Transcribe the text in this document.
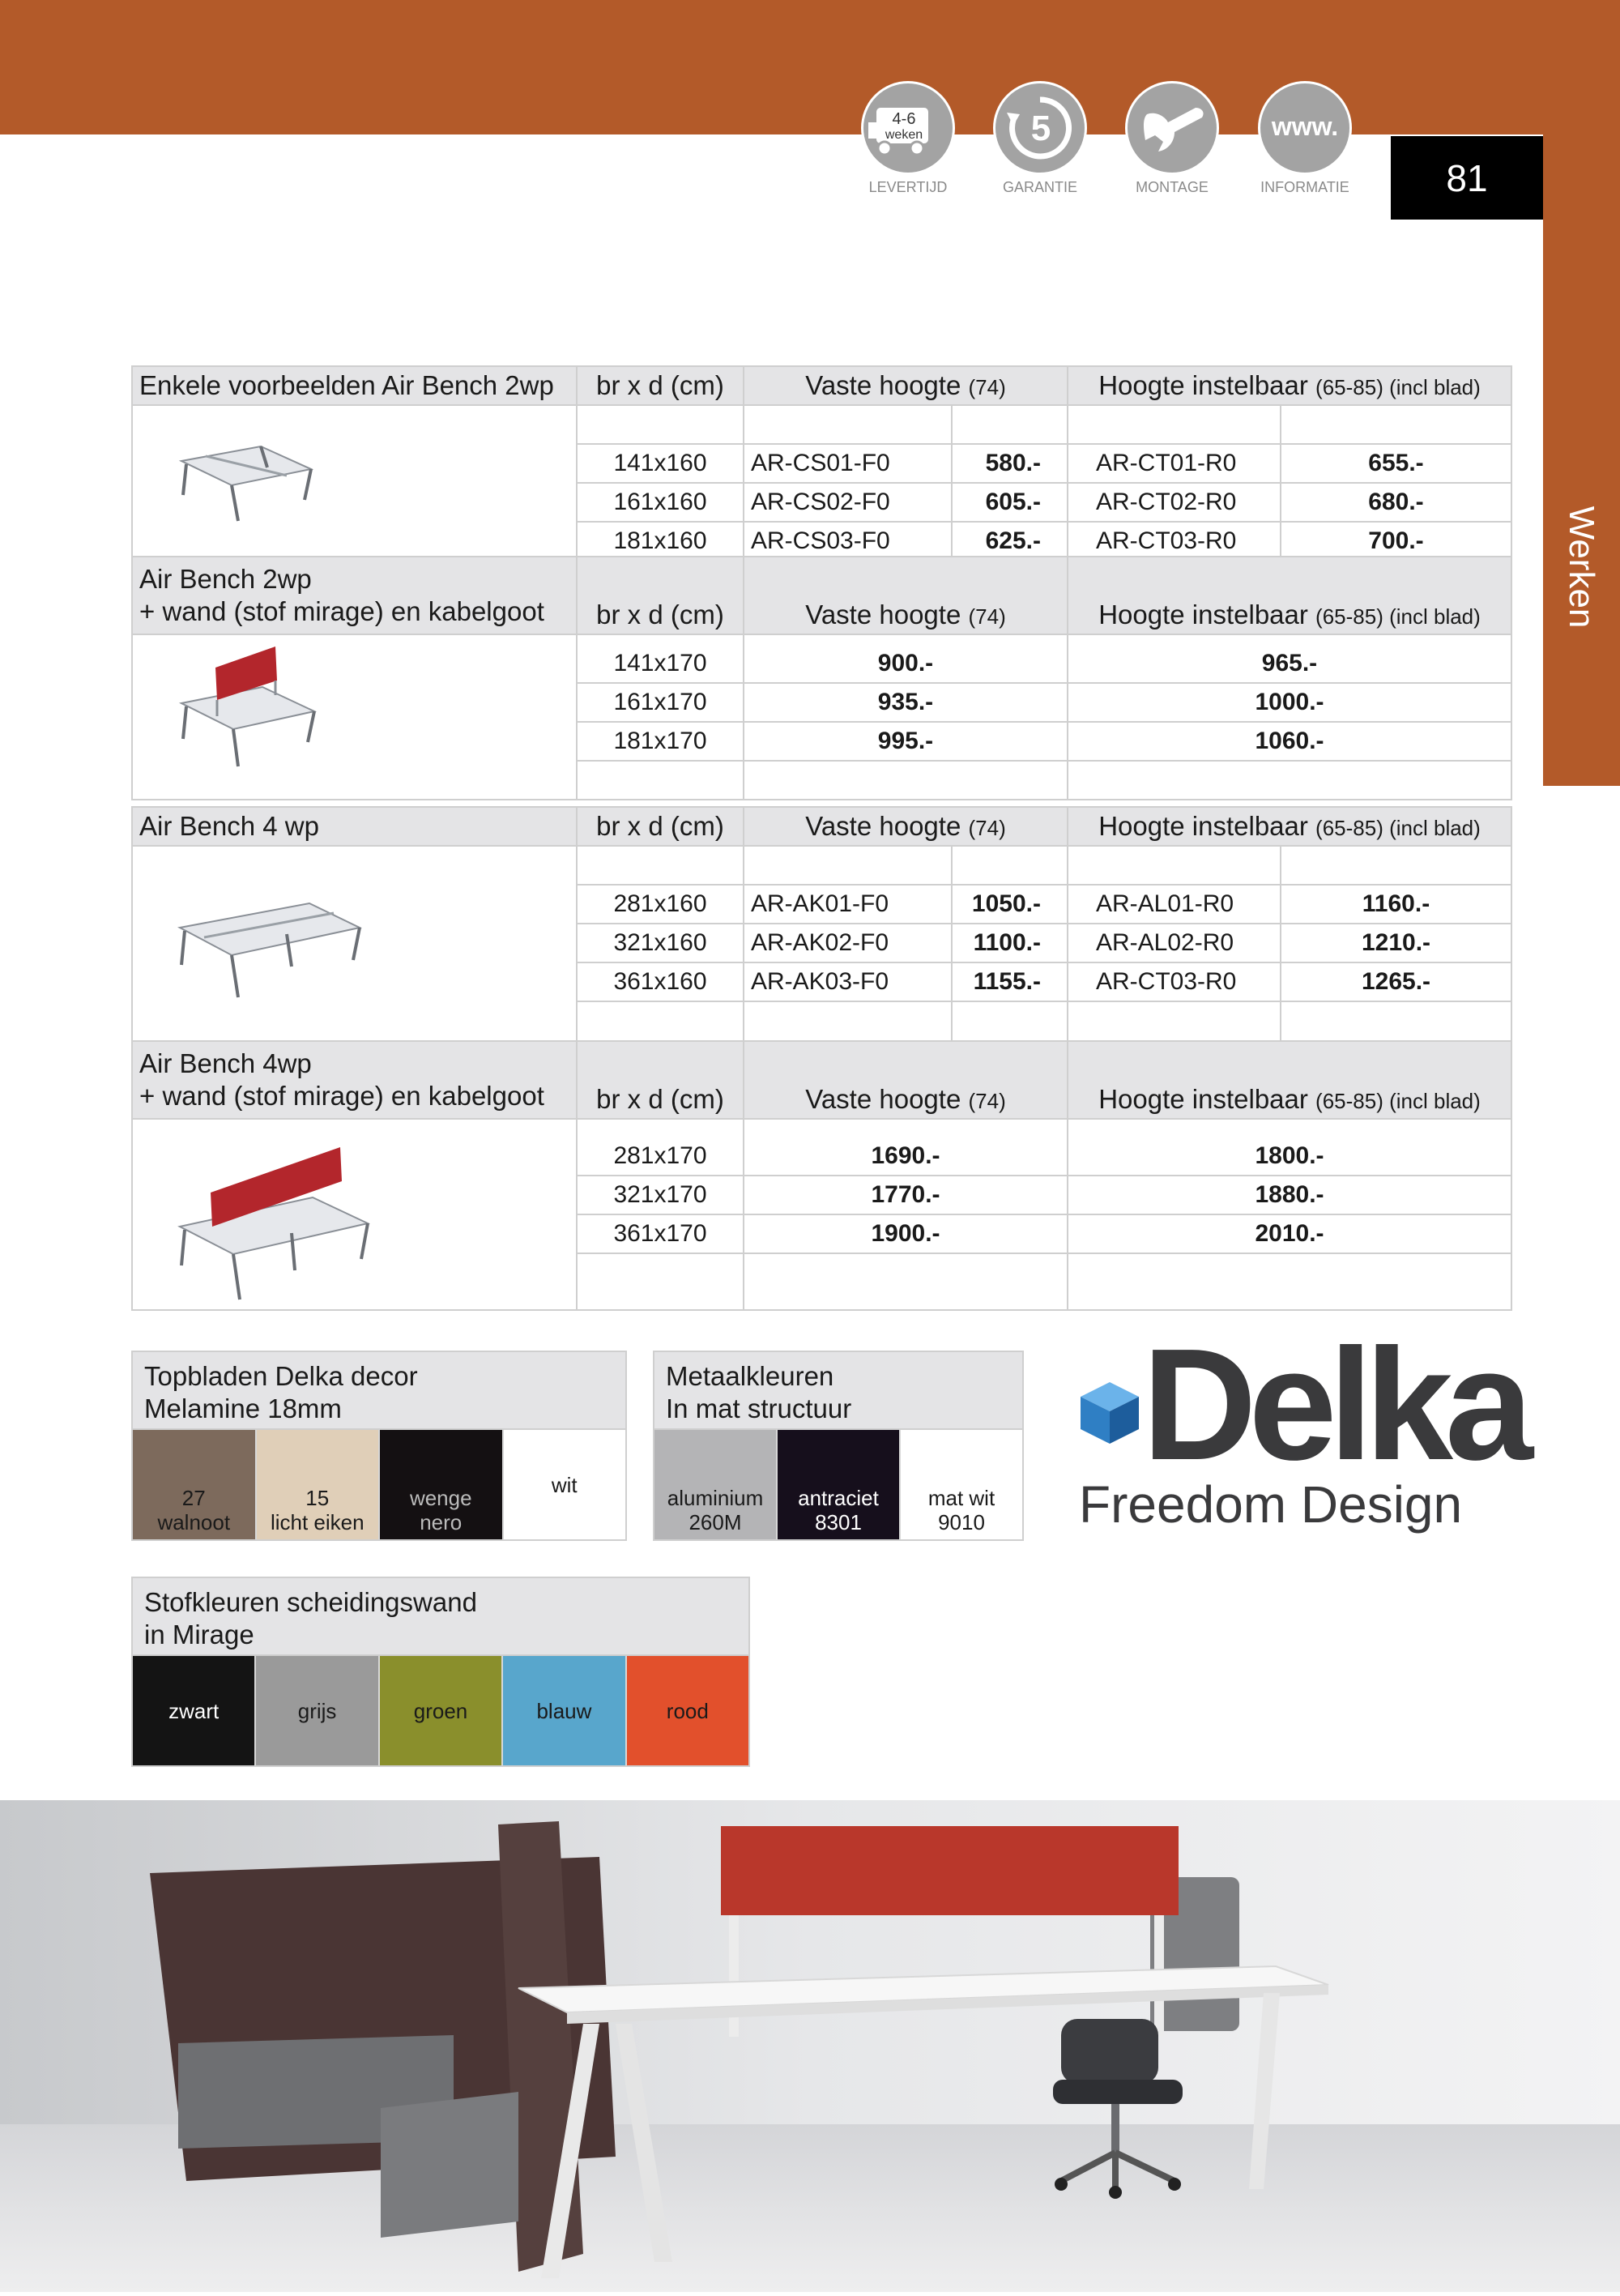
Werken
81
4-6
weken	5	www.
LEVERTIJD	GARANTIE	MONTAGE	INFORMATIE
Enkele voorbeelden Air Bench 2wp	br x d (cm)	Vaste hoogte (74)		Hoogte instelbaar (65-85) (incl blad)	

	141x160	AR-CS01-F0	580.-	AR-CT01-R0	655.-
	161x160	AR-CS02-F0	605.-	AR-CT02-R0	680.-
	181x160	AR-CS03-F0	625.-	AR-CT03-R0	700.-
Air Bench 2wp
+ wand (stof mirage) en kabelgoot	br x d (cm)	Vaste hoogte (74)	Hoogte instelbaar (65-85) (incl blad)

	141x170	900.-	965.-
	161x170	935.-	1000.-
	181x170	995.-	1060.-

Air Bench 4 wp	br x d (cm)	Vaste hoogte (74)		Hoogte instelbaar (65-85) (incl blad)	

	281x160	AR-AK01-F0	1050.-	AR-AL01-R0	1160.-
	321x160	AR-AK02-F0	1100.-	AR-AL02-R0	1210.-
	361x160	AR-AK03-F0	1155.-	AR-CT03-R0	1265.-

Air Bench 4wp
+ wand (stof mirage) en kabelgoot	br x d (cm)	Vaste hoogte (74)	Hoogte instelbaar (65-85) (incl blad)

	281x170	1690.-	1800.-
	321x170	1770.-	1880.-
	361x170	1900.-	2010.-

Topbladen Delka decor
Melamine 18mm
27
walnoot
15
licht eiken
wenge
nero
wit
Metaalkleuren
In mat structuur
aluminium
260M
antraciet
8301
mat wit
9010
Delka
Freedom Design
Stofkleuren scheidingswand
in Mirage
zwart	grijs	groen	blauw	rood
